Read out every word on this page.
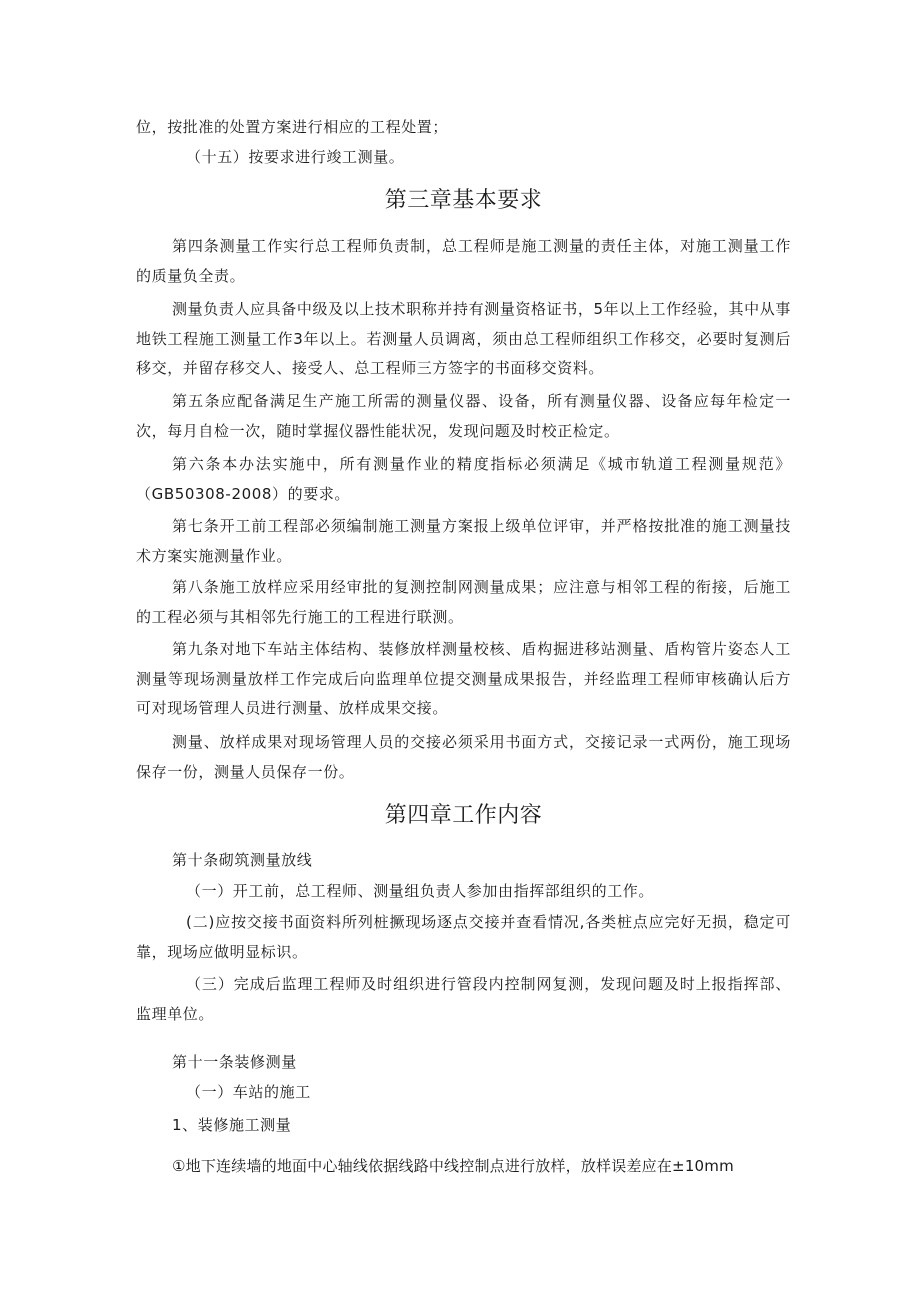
位，按批准的处置方案进行相应的工程处置；

（十五）按要求进行竣工测量。

第三章基本要求

第四条测量工作实行总工程师负责制，总工程师是施工测量的责任主体，对施工测量工作的质量负全责。

测量负责人应具备中级及以上技术职称并持有测量资格证书，5年以上工作经验，其中从事地铁工程施工测量工作3年以上。若测量人员调离，须由总工程师组织工作移交，必要时复测后移交，并留存移交人、接受人、总工程师三方签字的书面移交资料。

第五条应配备满足生产施工所需的测量仪器、设备，所有测量仪器、设备应每年检定一次，每月自检一次，随时掌握仪器性能状况，发现问题及时校正检定。

第六条本办法实施中，所有测量作业的精度指标必须满足《城市轨道工程测量规范》（GB50308-2008）的要求。

第七条开工前工程部必须编制施工测量方案报上级单位评审，并严格按批准的施工测量技术方案实施测量作业。

第八条施工放样应采用经审批的复测控制网测量成果；应注意与相邻工程的衔接，后施工的工程必须与其相邻先行施工的工程进行联测。

第九条对地下车站主体结构、装修放样测量校核、盾构掘进移站测量、盾构管片姿态人工测量等现场测量放样工作完成后向监理单位提交测量成果报告，并经监理工程师审核确认后方可对现场管理人员进行测量、放样成果交接。

测量、放样成果对现场管理人员的交接必须采用书面方式，交接记录一式两份，施工现场保存一份，测量人员保存一份。

第四章工作内容

第十条砌筑测量放线

（一）开工前，总工程师、测量组负责人参加由指挥部组织的工作。

(二)应按交接书面资料所列桩撅现场逐点交接并查看情况,各类桩点应完好无损，稳定可靠，现场应做明显标识。

（三）完成后监理工程师及时组织进行管段内控制网复测，发现问题及时上报指挥部、监理单位。

第十一条装修测量

（一）车站的施工

1、装修施工测量

①地下连续墙的地面中心轴线依据线路中线控制点进行放样，放样误差应在±10mm
